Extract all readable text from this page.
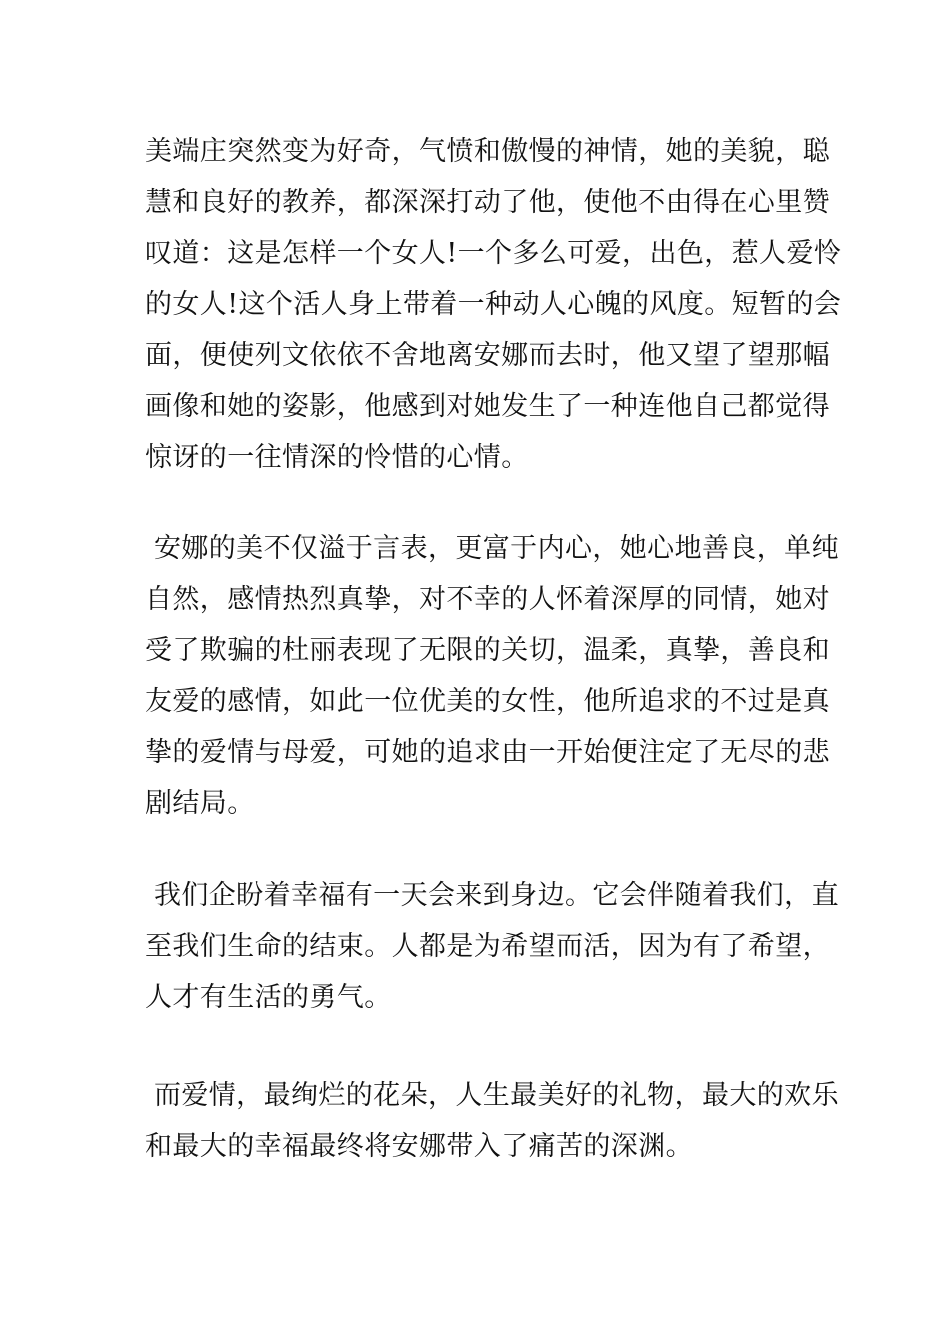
美端庄突然变为好奇，气愤和傲慢的神情，她的美貌，聪
慧和良好的教养，都深深打动了他，使他不由得在心里赞
叹道：这是怎样一个女人!一个多么可爱，出色，惹人爱怜
的女人!这个活人身上带着一种动人心魄的风度。短暂的会
面，便使列文依依不舍地离安娜而去时，他又望了望那幅
画像和她的姿影，他感到对她发生了一种连他自己都觉得
惊讶的一往情深的怜惜的心情。
安娜的美不仅溢于言表，更富于内心，她心地善良，单纯
自然，感情热烈真挚，对不幸的人怀着深厚的同情，她对
受了欺骗的杜丽表现了无限的关切，温柔，真挚，善良和
友爱的感情，如此一位优美的女性，他所追求的不过是真
挚的爱情与母爱，可她的追求由一开始便注定了无尽的悲
剧结局。
我们企盼着幸福有一天会来到身边。它会伴随着我们，直
至我们生命的结束。人都是为希望而活，因为有了希望，
人才有生活的勇气。
而爱情，最绚烂的花朵，人生最美好的礼物，最大的欢乐
和最大的幸福最终将安娜带入了痛苦的深渊。
